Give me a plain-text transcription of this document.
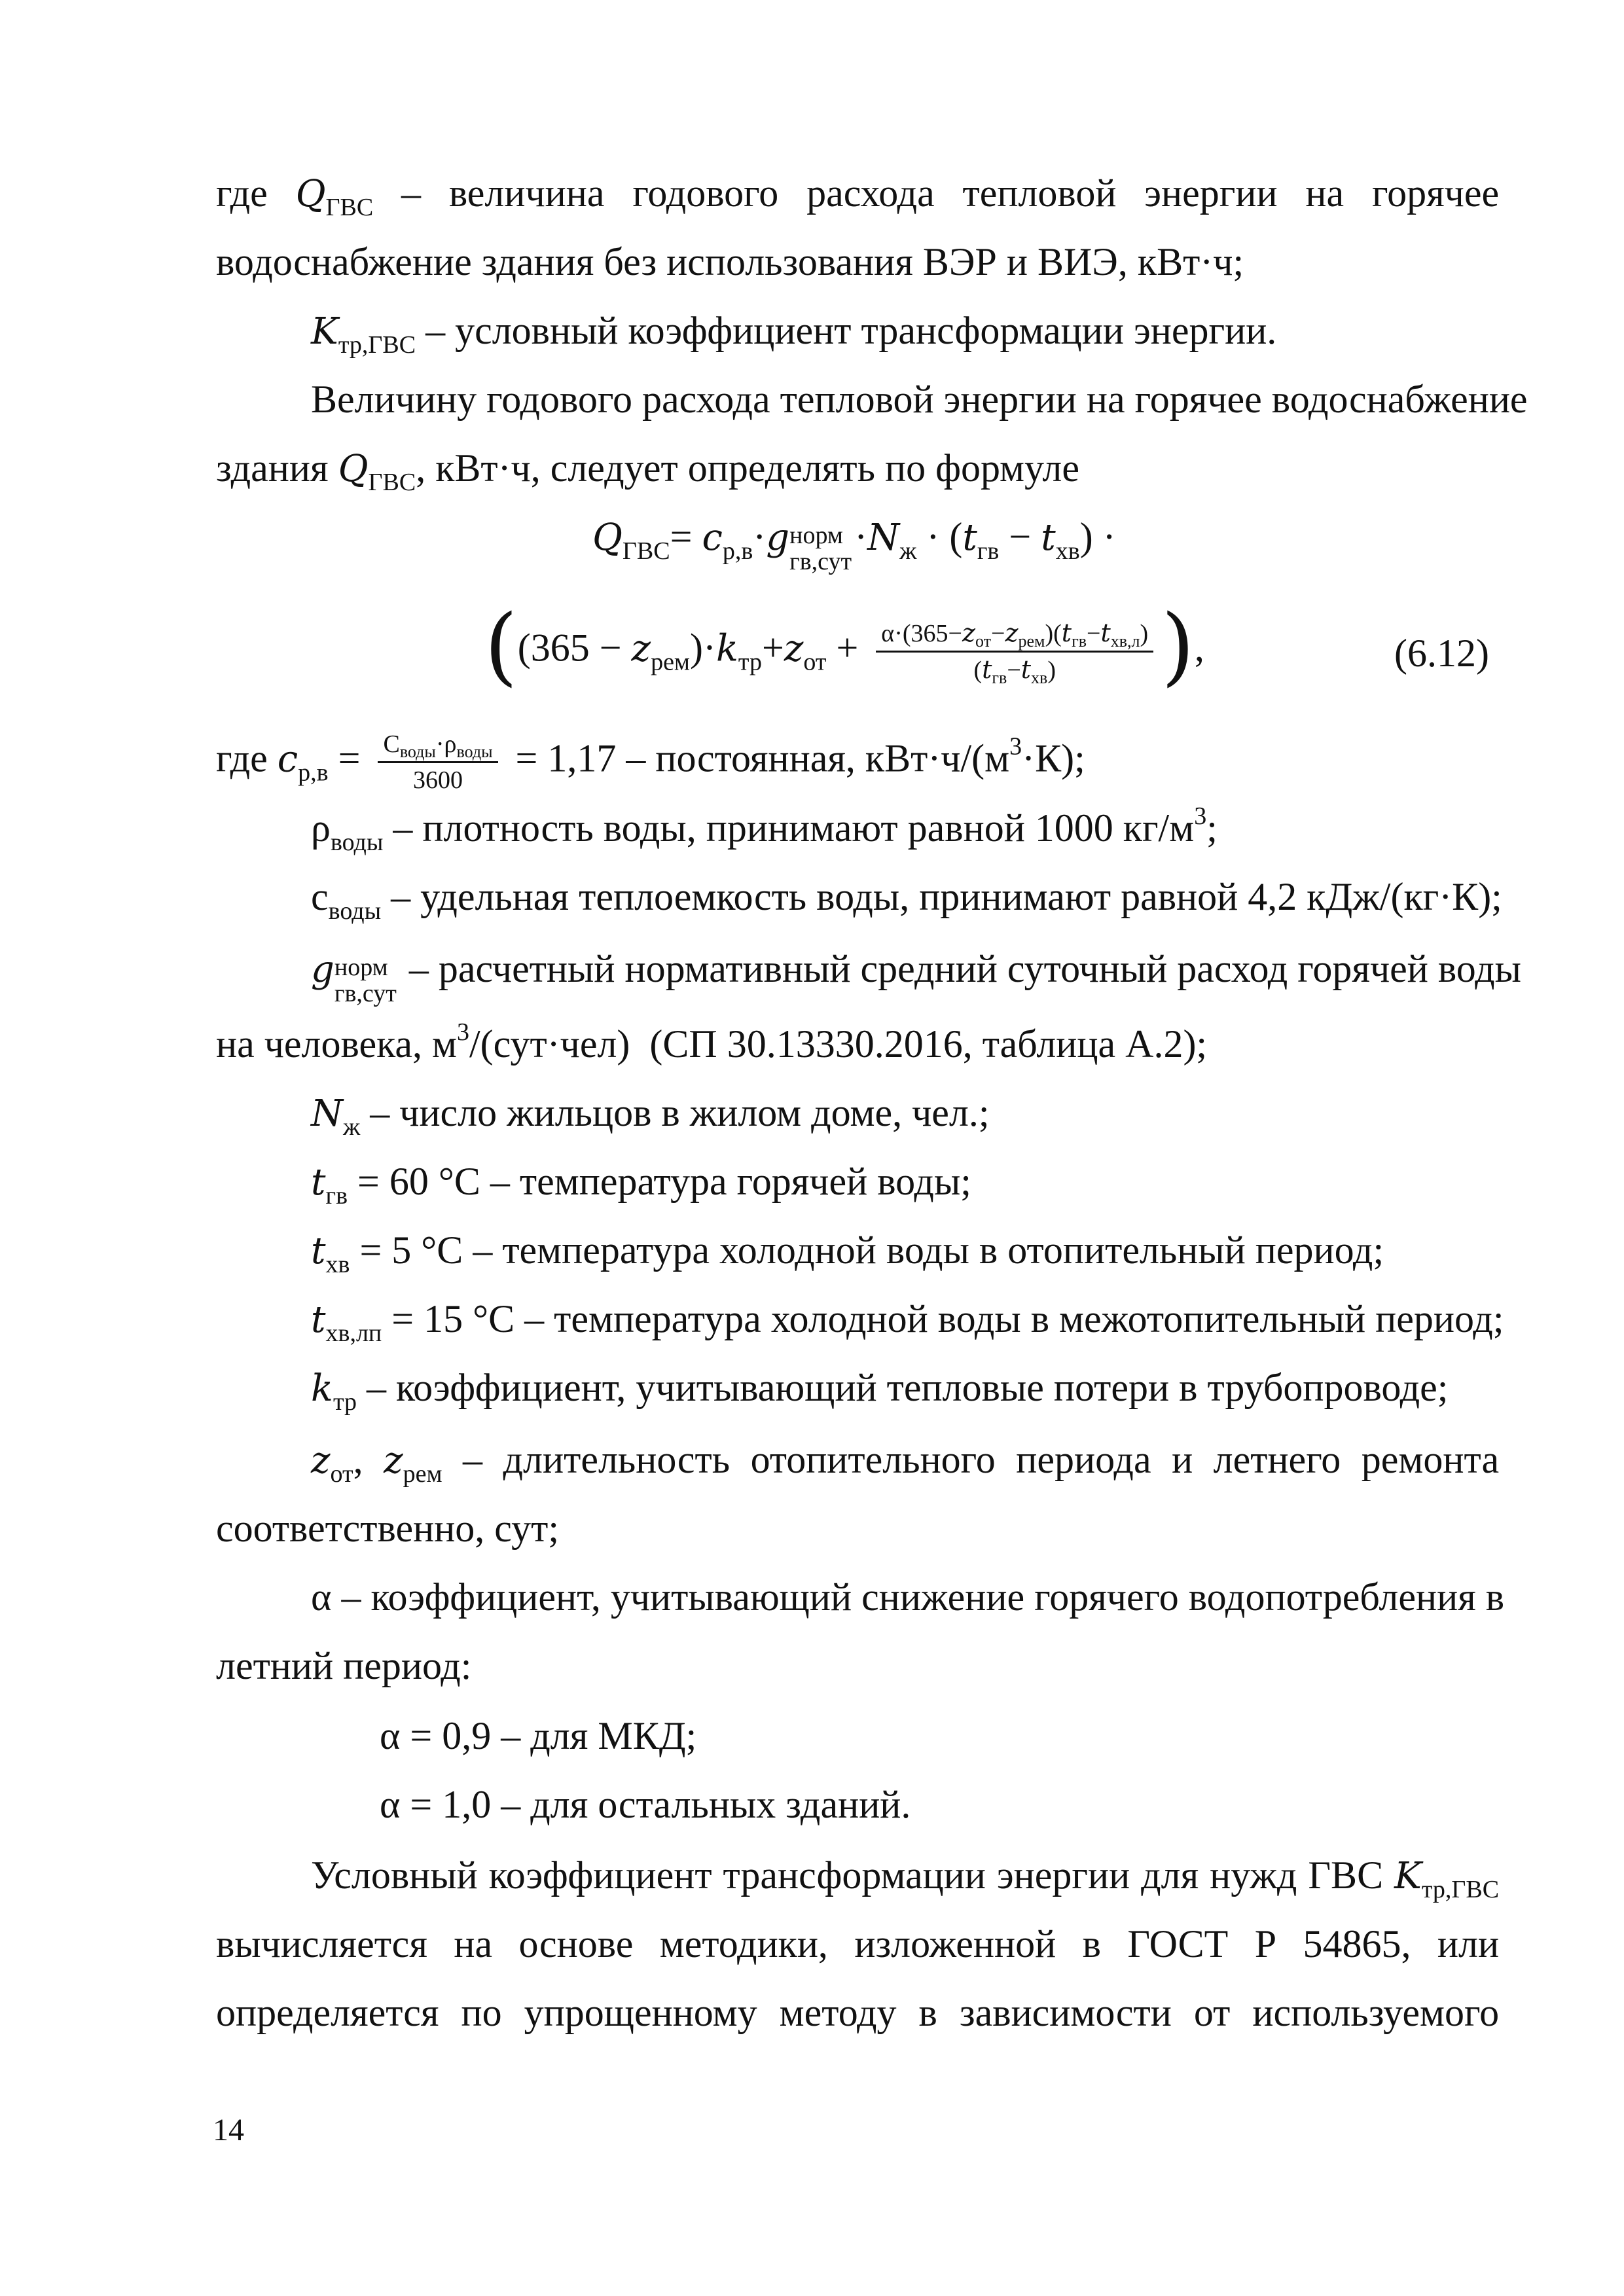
где $Q_{ГВС}$ – величина годового расхода тепловой энергии на горячее
водоснабжение здания без использования ВЭР и ВИЭ, кВт·ч;
$K_{тр,ГВС}$ – условный коэффициент трансформации энергии.
Величину годового расхода тепловой энергии на горячее водоснабжение
здания $Q_{ГВС}$, кВт·ч, следует определять по формуле
$Q_{ГВС}= c_{р,в}\cdot g$ норм
гв,сут
$\cdot N_ж \cdot (t_{гв} - t_{хв})$ ·
($(365 - z_{рем})\cdot k_{тр}+z_{от} + \frac{\alpha\cdot(365-z_{от}-z_{рем})(t_{гв}-t_{хв,л})}{(t_{гв}-t_{хв})}$ ),	(6.12)
где $c_{р,в} = \frac{С_{воды}\cdot\rho_{воды}}{3600} = 1,17$ – постоянная, $кВт\cdot ч/(м^3\cdot К)$;
$\rho_{воды}$ – плотность воды, принимают равной 1000 $кг/м^3$;
$с_{воды}$ – удельная теплоемкость воды, принимают равной 4,2 кДж/(кг·К);
g норм
гв,сут
– расчетный нормативный средний суточный расход горячей воды
на человека, $м^3/(сут\cdot чел)$  (СП 30.13330.2016, таблица А.2);
$N_ж$ – число жильцов в жилом доме, чел.;
$t_{гв} = 60$ °С – температура горячей воды;
$t_{хв} = 5$ °С – температура холодной воды в отопительный период;
$t_{хв,лп} = 15$ °С – температура холодной воды в межотопительный период;
$k_{тр}$ – коэффициент, учитывающий тепловые потери в трубопроводе;
$z_{от}$, $z_{рем}$ – длительность отопительного периода и летнего ремонта
соответственно, сут;
α – коэффициент, учитывающий снижение горячего водопотребления в
летний период:
α = 0,9 – для МКД;
α = 1,0 – для остальных зданий.
Условный коэффициент трансформации энергии для нужд ГВС $K_{тр,ГВС}$
вычисляется на основе методики, изложенной в ГОСТ Р 54865, или
определяется по упрощенному методу в зависимости от используемого
14
